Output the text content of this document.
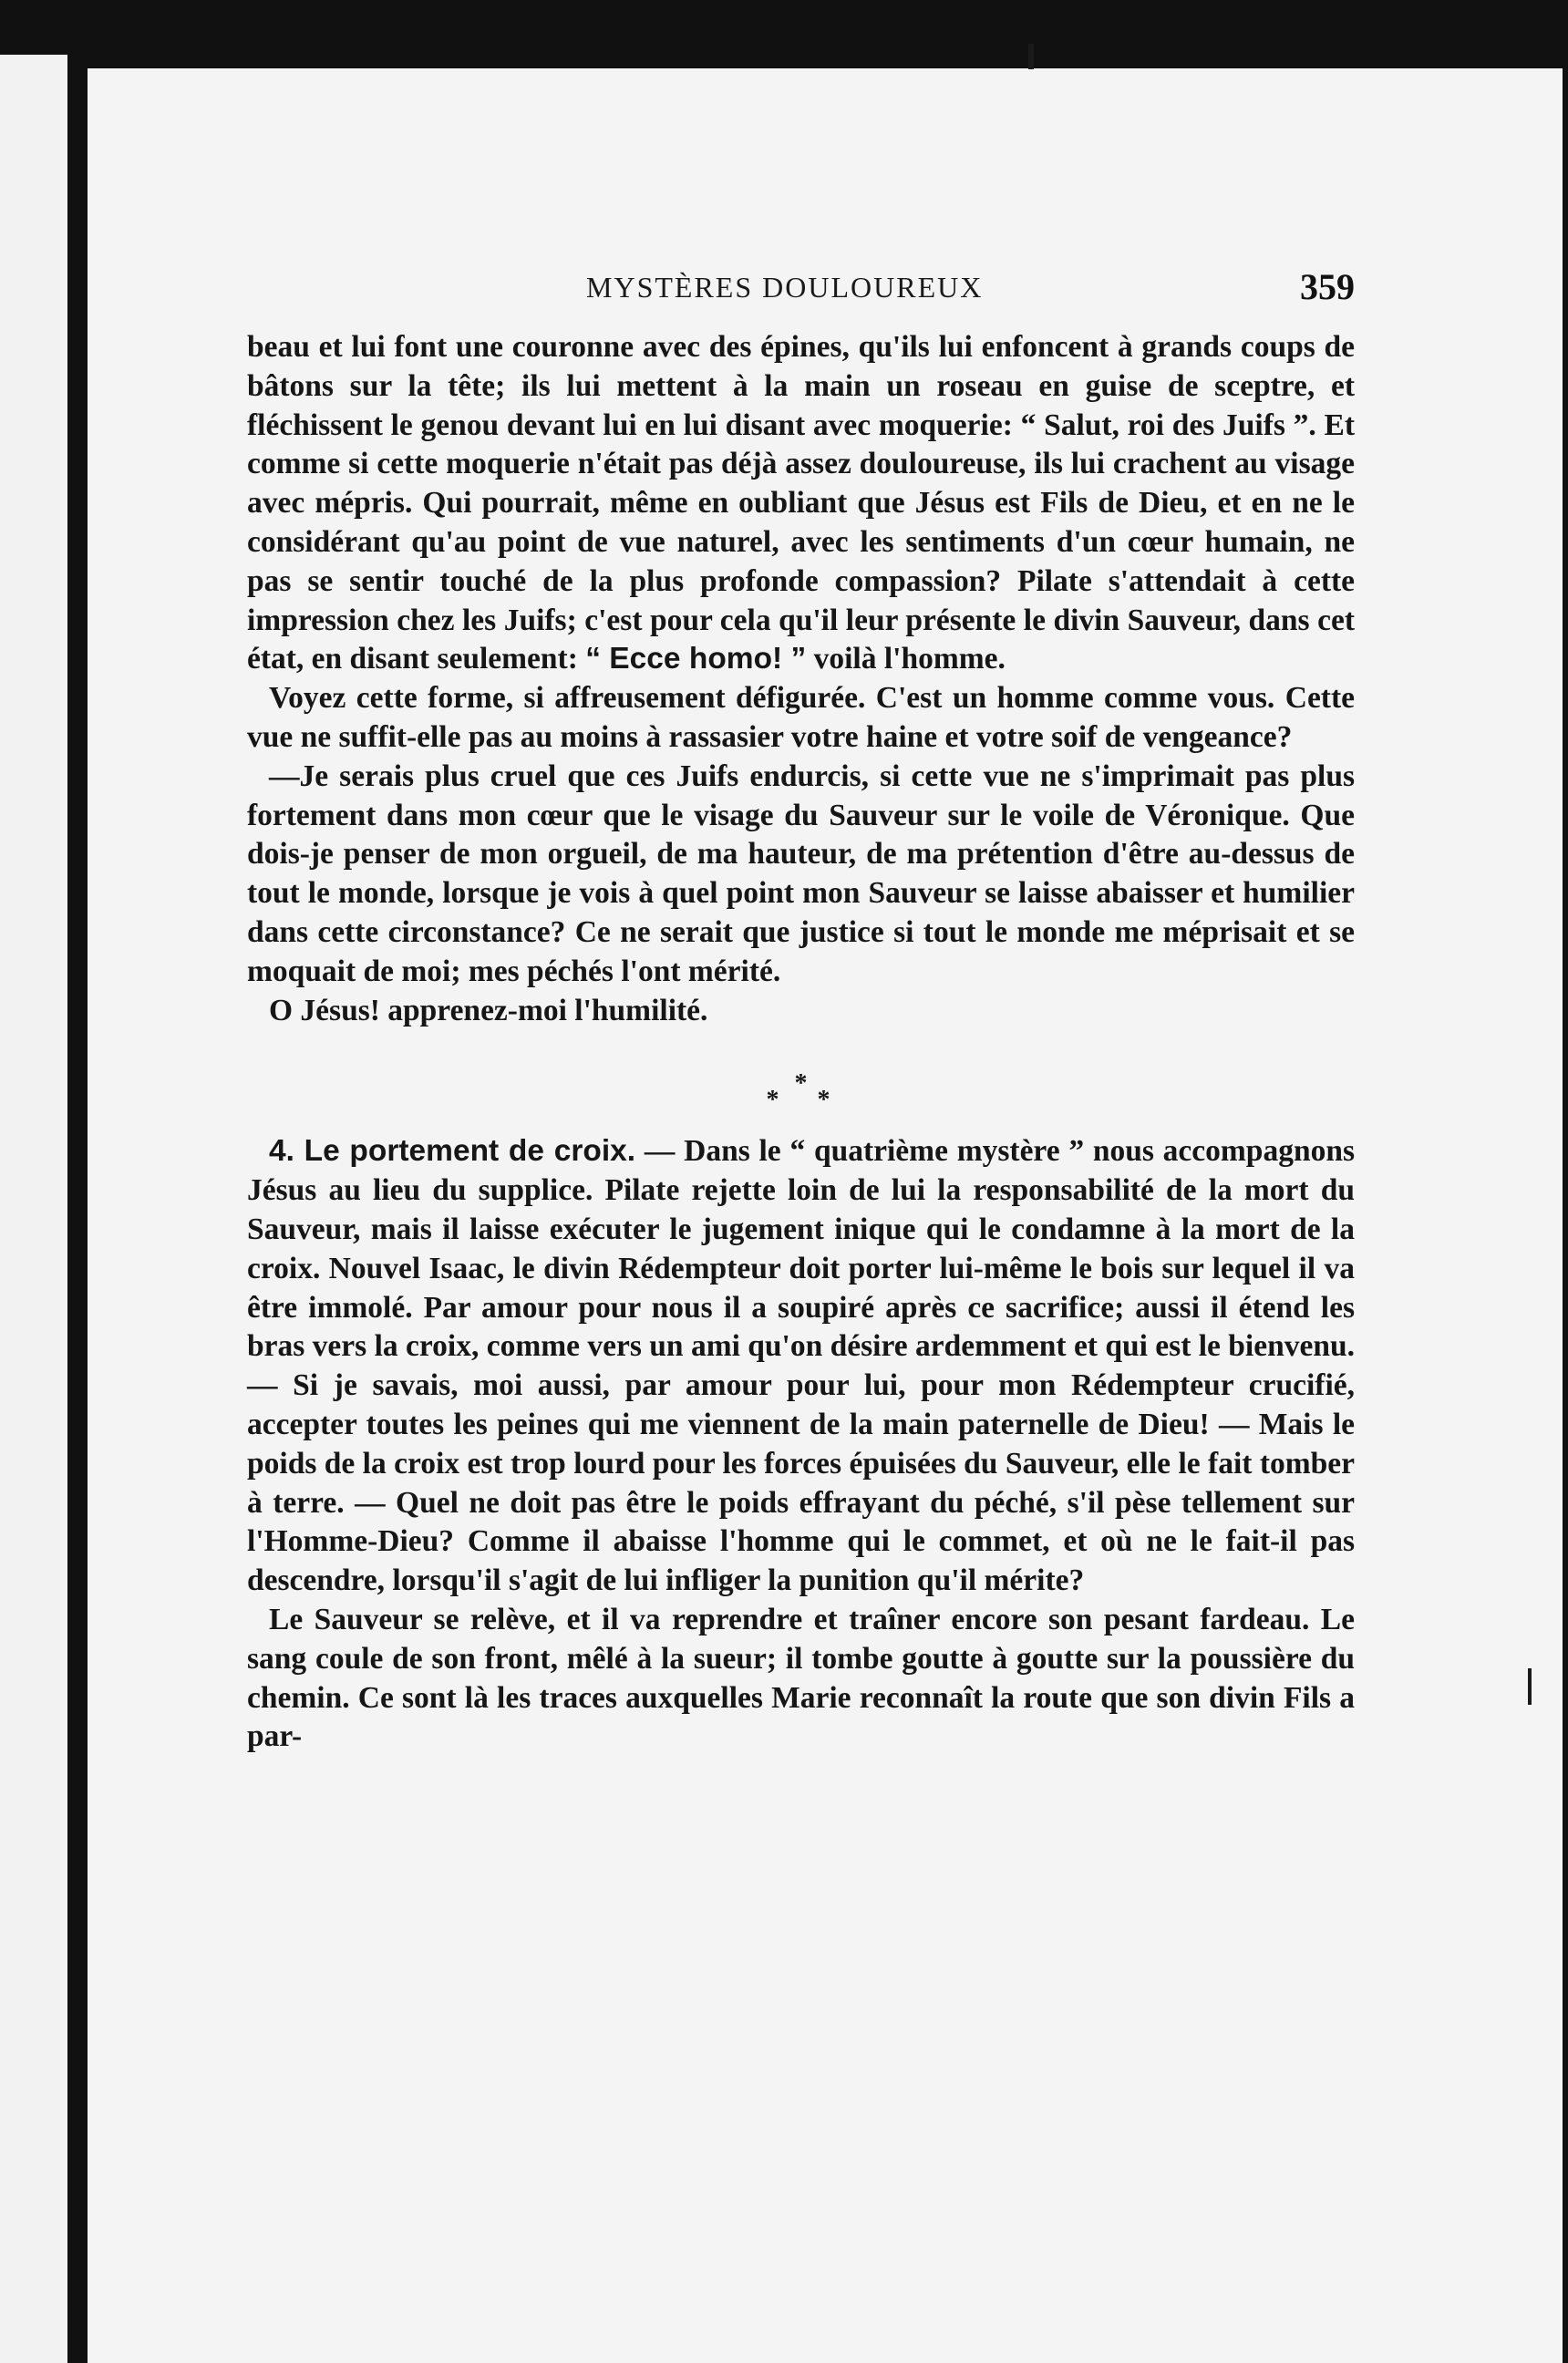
MYSTÈRES DOULOUREUX	359

beau et lui font une couronne avec des épines, qu'ils lui enfoncent à grands coups de bâtons sur la tête; ils lui mettent à la main un roseau en guise de sceptre, et fléchissent le genou devant lui en lui disant avec moquerie: “ Salut, roi des Juifs ”. Et comme si cette moquerie n'était pas déjà assez douloureuse, ils lui crachent au visage avec mépris. Qui pourrait, même en oubliant que Jésus est Fils de Dieu, et en ne le considérant qu'au point de vue naturel, avec les sentiments d'un cœur humain, ne pas se sentir touché de la plus profonde compassion? Pilate s'attendait à cette impression chez les Juifs; c'est pour cela qu'il leur présente le divin Sauveur, dans cet état, en disant seulement: “ Ecce homo! ” voilà l'homme.

Voyez cette forme, si affreusement défigurée. C'est un homme comme vous. Cette vue ne suffit-elle pas au moins à rassasier votre haine et votre soif de vengeance?

—Je serais plus cruel que ces Juifs endurcis, si cette vue ne s'imprimait pas plus fortement dans mon cœur que le visage du Sauveur sur le voile de Véronique. Que dois-je penser de mon orgueil, de ma hauteur, de ma prétention d'être au-dessus de tout le monde, lorsque je vois à quel point mon Sauveur se laisse abaisser et humilier dans cette circonstance? Ce ne serait que justice si tout le monde me méprisait et se moquait de moi; mes péchés l'ont mérité.

O Jésus! apprenez-moi l'humilité.

*
* *

4. Le portement de croix. — Dans le “ quatrième mystère ” nous accompagnons Jésus au lieu du supplice. Pilate rejette loin de lui la responsabilité de la mort du Sauveur, mais il laisse exécuter le jugement inique qui le condamne à la mort de la croix. Nouvel Isaac, le divin Rédempteur doit porter lui-même le bois sur lequel il va être immolé. Par amour pour nous il a soupiré après ce sacrifice; aussi il étend les bras vers la croix, comme vers un ami qu'on désire ardemment et qui est le bienvenu. — Si je savais, moi aussi, par amour pour lui, pour mon Rédempteur crucifié, accepter toutes les peines qui me viennent de la main paternelle de Dieu! — Mais le poids de la croix est trop lourd pour les forces épuisées du Sauveur, elle le fait tomber à terre. — Quel ne doit pas être le poids effrayant du péché, s'il pèse tellement sur l'Homme-Dieu? Comme il abaisse l'homme qui le commet, et où ne le fait-il pas descendre, lorsqu'il s'agit de lui infliger la punition qu'il mérite?

Le Sauveur se relève, et il va reprendre et traîner encore son pesant fardeau. Le sang coule de son front, mêlé à la sueur; il tombe goutte à goutte sur la poussière du chemin. Ce sont là les traces auxquelles Marie reconnaît la route que son divin Fils a par-
